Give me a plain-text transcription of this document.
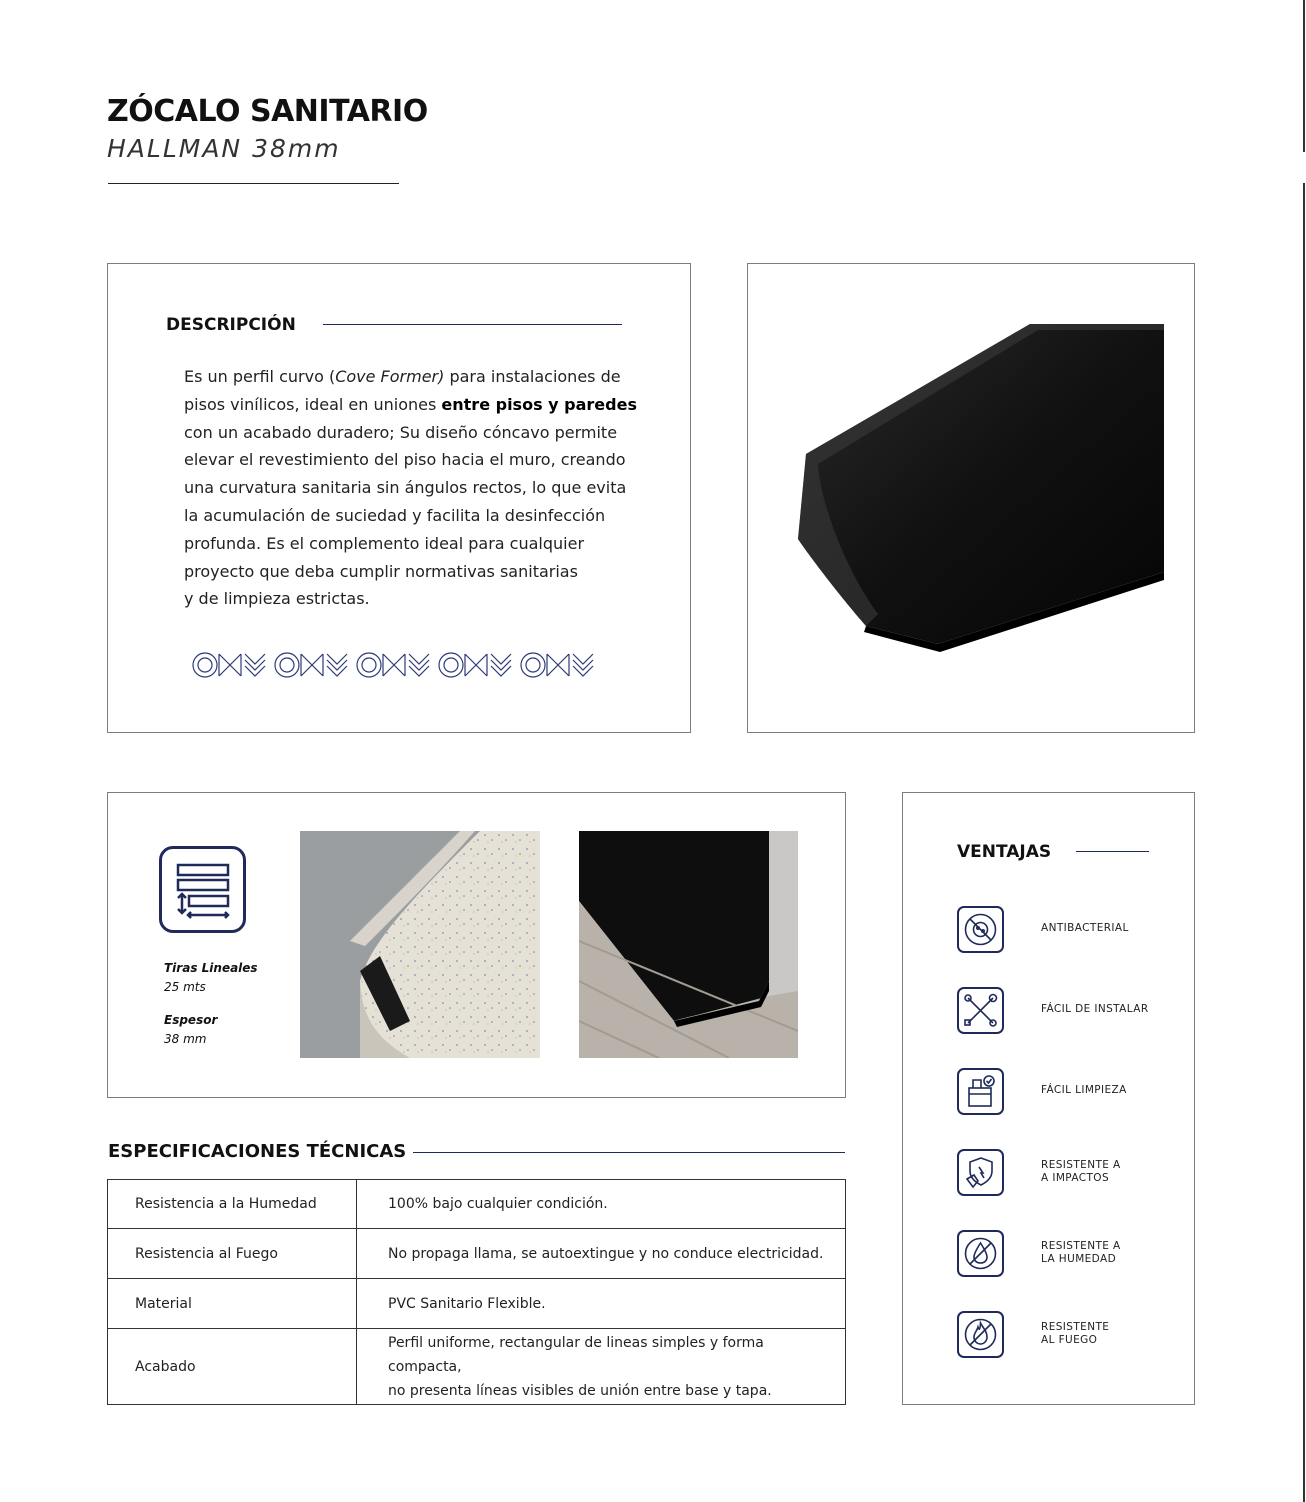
ZÓCALO SANITARIO
HALLMAN 38mm
DESCRIPCIÓN
Es un perfil curvo (Cove Former) para instalaciones de
pisos vinílicos, ideal en uniones entre pisos y paredes
con un acabado duradero; Su diseño cóncavo permite
elevar el revestimiento del piso hacia el muro, creando
una curvatura sanitaria sin ángulos rectos, lo que evita
la acumulación de suciedad y facilita la desinfección
profunda. Es el complemento ideal para cualquier
proyecto que deba cumplir normativas sanitarias
y de limpieza estrictas.
Tiras Lineales
25 mts
Espesor
38 mm
ESPECIFICACIONES TÉCNICAS
Resistencia a la Humedad	100% bajo cualquier condición.
Resistencia al Fuego	No propaga llama, se autoextingue y no conduce electricidad.
Material	PVC Sanitario Flexible.
Acabado	Perfil uniforme, rectangular de lineas simples y forma compacta,
no presenta líneas visibles de unión entre base y tapa.
VENTAJAS
ANTIBACTERIAL
FÁCIL DE INSTALAR
FÁCIL LIMPIEZA
RESISTENTE A
A IMPACTOS
RESISTENTE A
LA HUMEDAD
RESISTENTE
AL FUEGO
